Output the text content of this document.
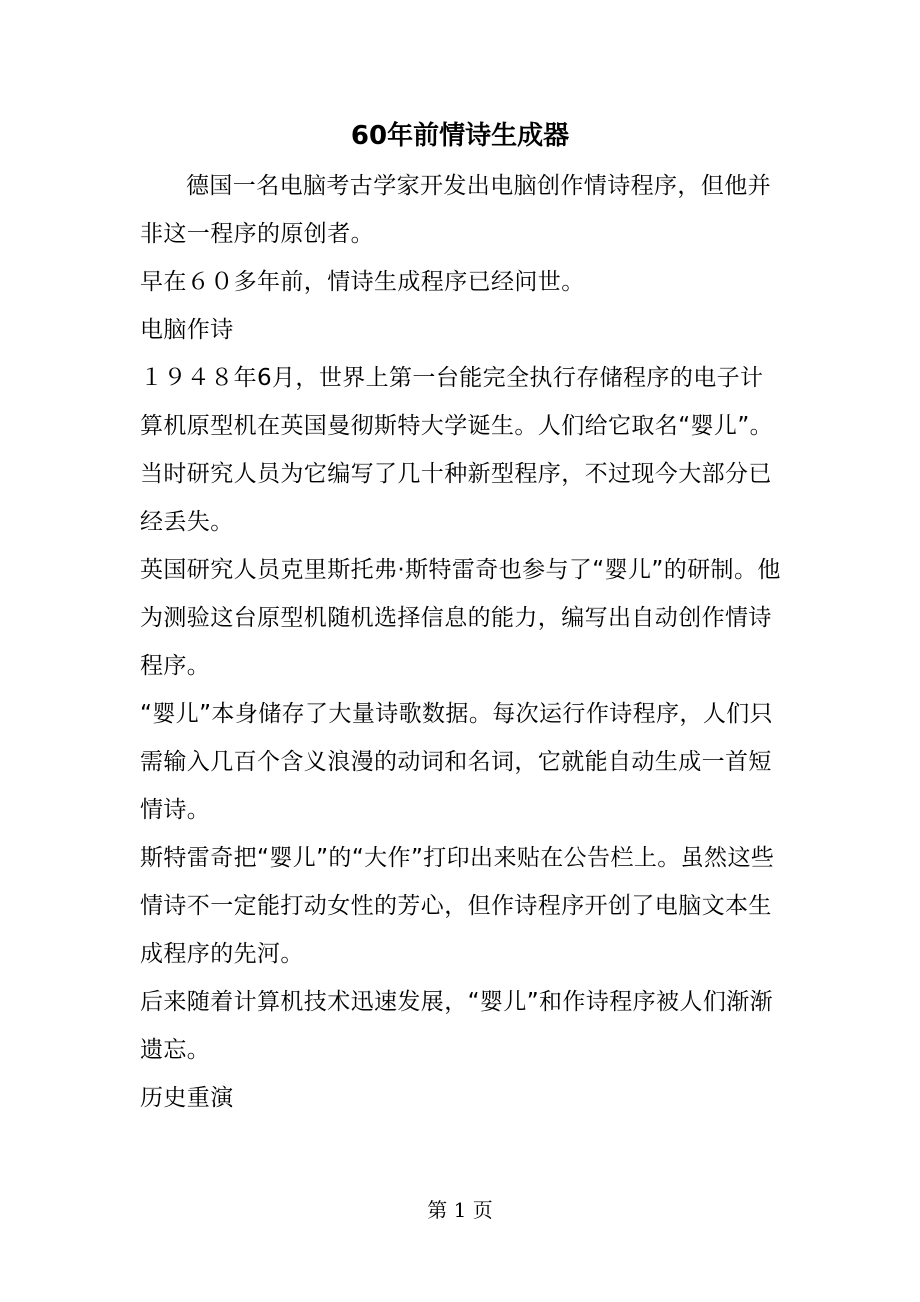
60年前情诗生成器

德国一名电脑考古学家开发出电脑创作情诗程序，但他并非这一程序的原创者。

早在６０多年前，情诗生成程序已经问世。

电脑作诗

１９４８年6月，世界上第一台能完全执行存储程序的电子计算机原型机在英国曼彻斯特大学诞生。人们给它取名“婴儿”。

当时研究人员为它编写了几十种新型程序，不过现今大部分已经丢失。

英国研究人员克里斯托弗·斯特雷奇也参与了“婴儿”的研制。他为测验这台原型机随机选择信息的能力，编写出自动创作情诗程序。

“婴儿”本身储存了大量诗歌数据。每次运行作诗程序，人们只需输入几百个含义浪漫的动词和名词，它就能自动生成一首短情诗。

斯特雷奇把“婴儿”的“大作”打印出来贴在公告栏上。虽然这些情诗不一定能打动女性的芳心，但作诗程序开创了电脑文本生成程序的先河。

后来随着计算机技术迅速发展，“婴儿”和作诗程序被人们渐渐遗忘。

历史重演

第 1 页
